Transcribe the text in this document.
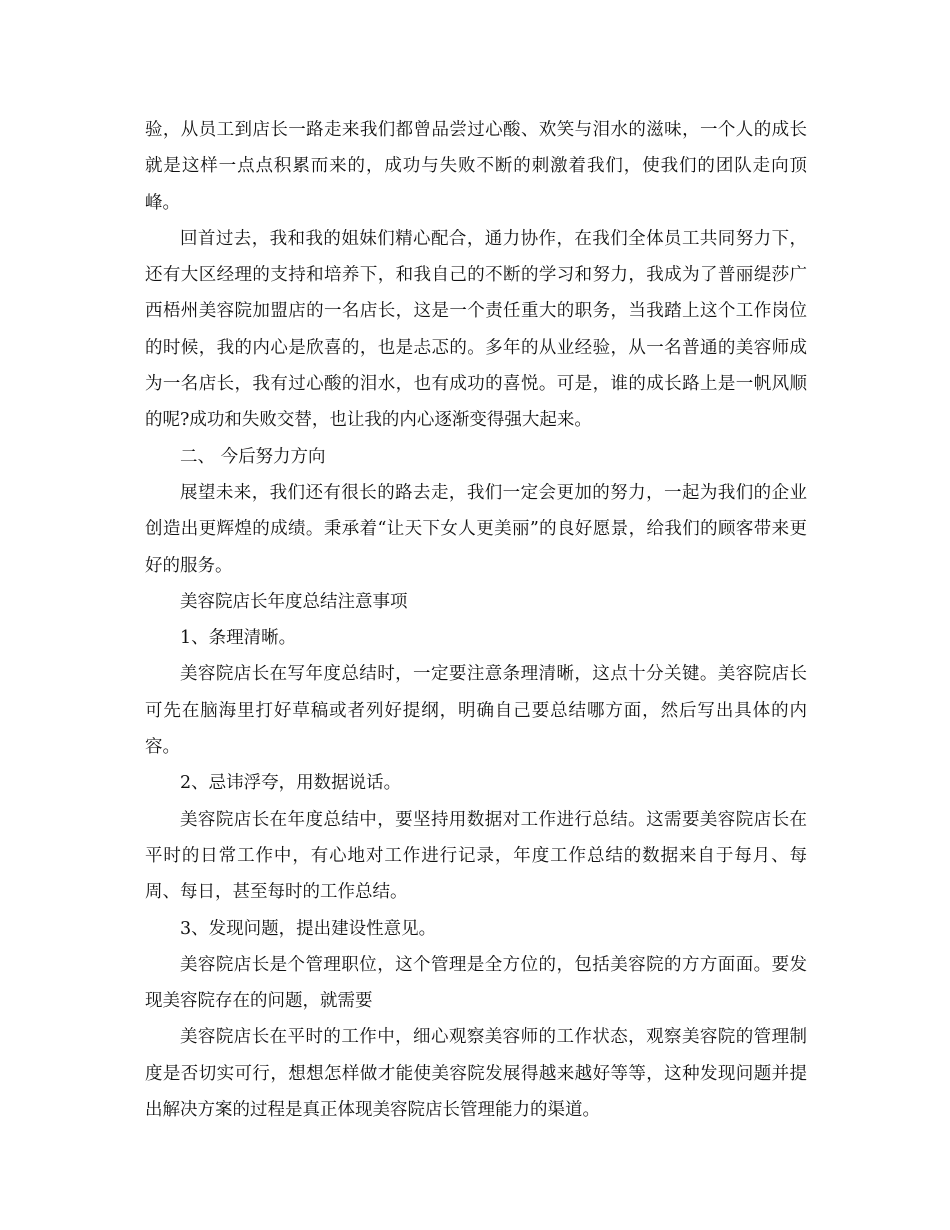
验，从员工到店长一路走来我们都曾品尝过心酸、欢笑与泪水的滋味，一个人的成长就是这样一点点积累而来的，成功与失败不断的刺激着我们，使我们的团队走向顶峰。

回首过去，我和我的姐妹们精心配合，通力协作，在我们全体员工共同努力下，还有大区经理的支持和培养下，和我自己的不断的学习和努力，我成为了普丽缇莎广西梧州美容院加盟店的一名店长，这是一个责任重大的职务，当我踏上这个工作岗位的时候，我的内心是欣喜的，也是忐忑的。多年的从业经验，从一名普通的美容师成为一名店长，我有过心酸的泪水，也有成功的喜悦。可是，谁的成长路上是一帆风顺的呢?成功和失败交替，也让我的内心逐渐变得强大起来。

二、 今后努力方向

展望未来，我们还有很长的路去走，我们一定会更加的努力，一起为我们的企业创造出更辉煌的成绩。秉承着“让天下女人更美丽”的良好愿景，给我们的顾客带来更好的服务。

美容院店长年度总结注意事项

1、条理清晰。

美容院店长在写年度总结时，一定要注意条理清晰，这点十分关键。美容院店长可先在脑海里打好草稿或者列好提纲，明确自己要总结哪方面，然后写出具体的内容。

2、忌讳浮夸，用数据说话。

美容院店长在年度总结中，要坚持用数据对工作进行总结。这需要美容院店长在平时的日常工作中，有心地对工作进行记录，年度工作总结的数据来自于每月、每周、每日，甚至每时的工作总结。

3、发现问题，提出建设性意见。

美容院店长是个管理职位，这个管理是全方位的，包括美容院的方方面面。要发现美容院存在的问题，就需要

美容院店长在平时的工作中，细心观察美容师的工作状态，观察美容院的管理制度是否切实可行，想想怎样做才能使美容院发展得越来越好等等，这种发现问题并提出解决方案的过程是真正体现美容院店长管理能力的渠道。
